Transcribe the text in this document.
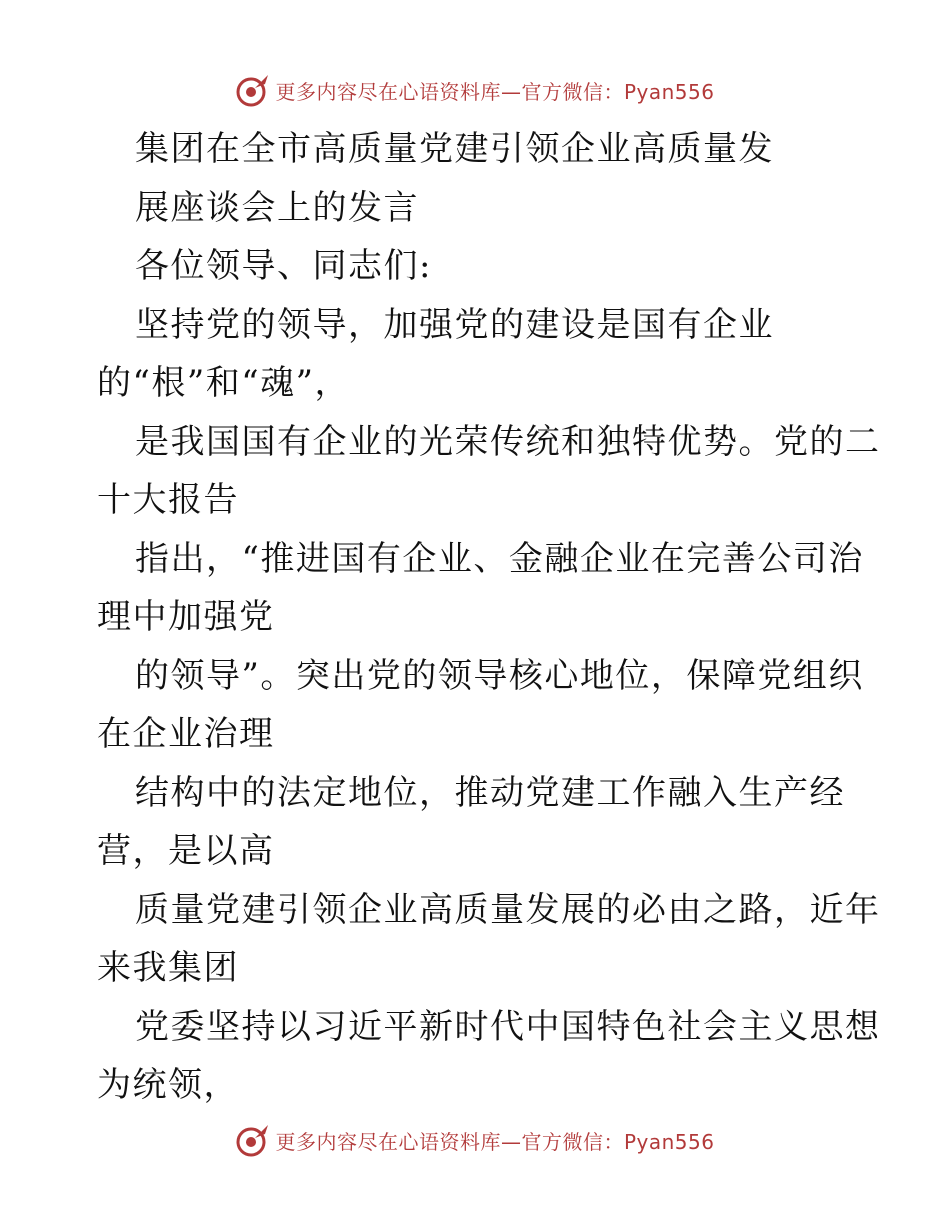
更多内容尽在心语资料库—官方微信：Pyan556
集团在全市高质量党建引领企业高质量发
展座谈会上的发言
各位领导、同志们:
坚持党的领导，加强党的建设是国有企业
的“根”和“魂”，
是我国国有企业的光荣传统和独特优势。党的二
十大报告
指出，“推进国有企业、金融企业在完善公司治
理中加强党
的领导”。突出党的领导核心地位，保障党组织
在企业治理
结构中的法定地位，推动党建工作融入生产经
营，是以高
质量党建引领企业高质量发展的必由之路，近年
来我集团
党委坚持以习近平新时代中国特色社会主义思想
为统领，
更多内容尽在心语资料库—官方微信：Pyan556
